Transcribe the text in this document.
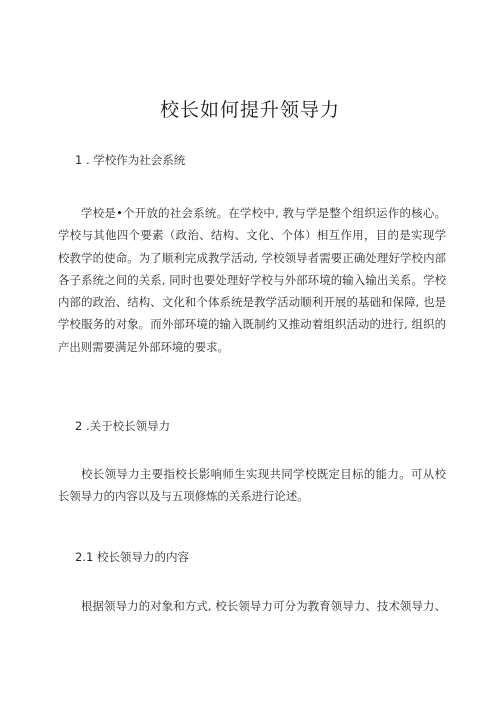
校长如何提升领导力
1 . 学校作为社会系统
学校是•个开放的社会系统。在学校中, 教与学是整个组织运作的核心。
学校与其他四个要素（政治、结构、文化、个体）相互作用，目的是实现学
校教学的使命。为了顺利完成教学活动, 学校领导者需要正确处理好学校内部
各子系统之间的关系, 同时也要处理好学校与外部环境的输入输出关系。学校
内部的政治、结构、文化和个体系统是教学活动顺利开展的基础和保障, 也是
学校服务的对象。而外部环境的输入既制约又推动着组织活动的进行, 组织的
产出则需要满足外部环境的要求。
2 .关于校长领导力
校长领导力主要指校长影响师生实现共同学校既定目标的能力。可从校
长领导力的内容以及与五项修炼的关系进行论述。
2.1 校长领导力的内容
根据领导力的对象和方式, 校长领导力可分为教育领导力、技术领导力、
